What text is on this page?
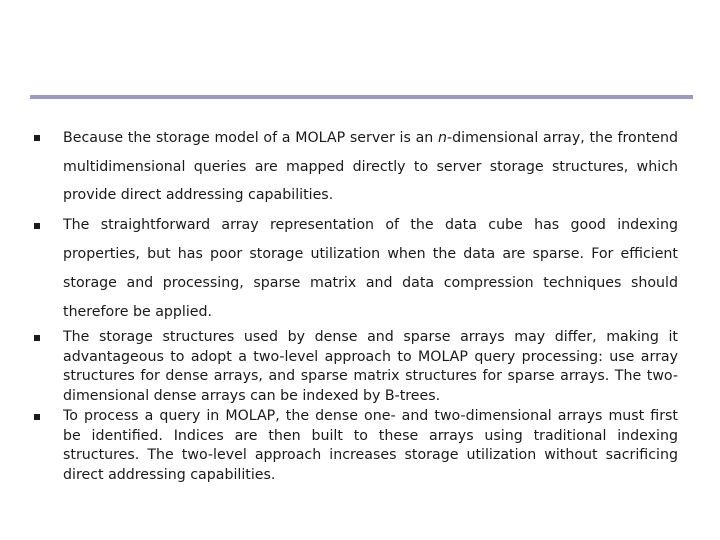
Because the storage model of a MOLAP server is an n-dimensional array, the frontend multidimensional queries are mapped directly to server storage structures, which provide direct addressing capabilities.

The straightforward array representation of the data cube has good indexing properties, but has poor storage utilization when the data are sparse. For efficient storage and processing, sparse matrix and data compression techniques should therefore be applied.

The storage structures used by dense and sparse arrays may differ, making it advantageous to adopt a two-level approach to MOLAP query processing: use array structures for dense arrays, and sparse matrix structures for sparse arrays. The two-dimensional dense arrays can be indexed by B-trees.

To process a query in MOLAP, the dense one- and two-dimensional arrays must first be identified. Indices are then built to these arrays using traditional indexing structures. The two-level approach increases storage utilization without sacrificing direct addressing capabilities.
